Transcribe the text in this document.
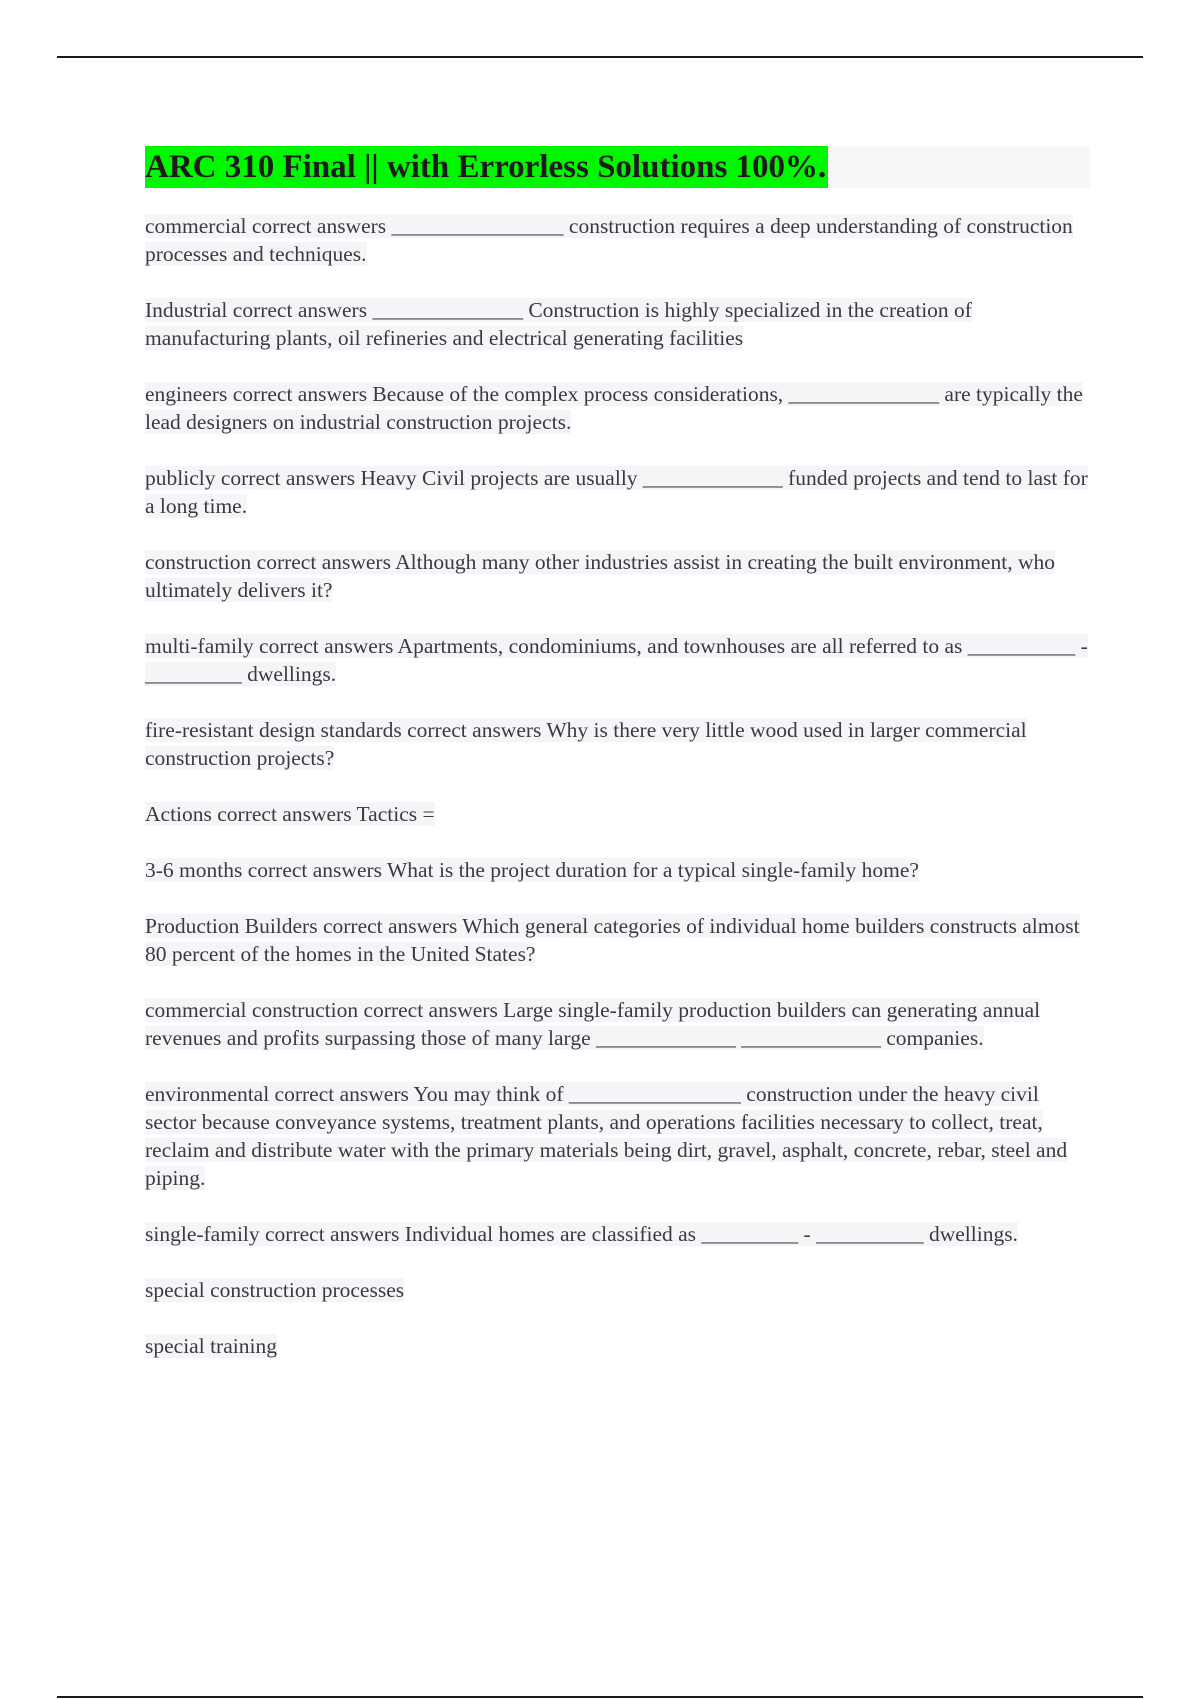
ARC 310 Final || with Errorless Solutions 100%.
commercial correct answers ________________ construction requires a deep understanding of construction processes and techniques.
Industrial correct answers ______________ Construction is highly specialized in the creation of manufacturing plants, oil refineries and electrical generating facilities
engineers correct answers Because of the complex process considerations, ______________ are typically the lead designers on industrial construction projects.
publicly correct answers Heavy Civil projects are usually _____________ funded projects and tend to last for a long time.
construction correct answers Although many other industries assist in creating the built environment, who ultimately delivers it?
multi-family correct answers Apartments, condominiums, and townhouses are all referred to as __________ - _________ dwellings.
fire-resistant design standards correct answers Why is there very little wood used in larger commercial construction projects?
Actions correct answers Tactics =
3-6 months correct answers What is the project duration for a typical single-family home?
Production Builders correct answers Which general categories of individual home builders constructs almost 80 percent of the homes in the United States?
commercial construction correct answers Large single-family production builders can generating annual revenues and profits surpassing those of many large _____________ _____________ companies.
environmental correct answers You may think of ________________ construction under the heavy civil sector because conveyance systems, treatment plants, and operations facilities necessary to collect, treat, reclaim and distribute water with the primary materials being dirt, gravel, asphalt, concrete, rebar, steel and piping.
single-family correct answers Individual homes are classified as _________ - __________ dwellings.
special construction processes
special training
